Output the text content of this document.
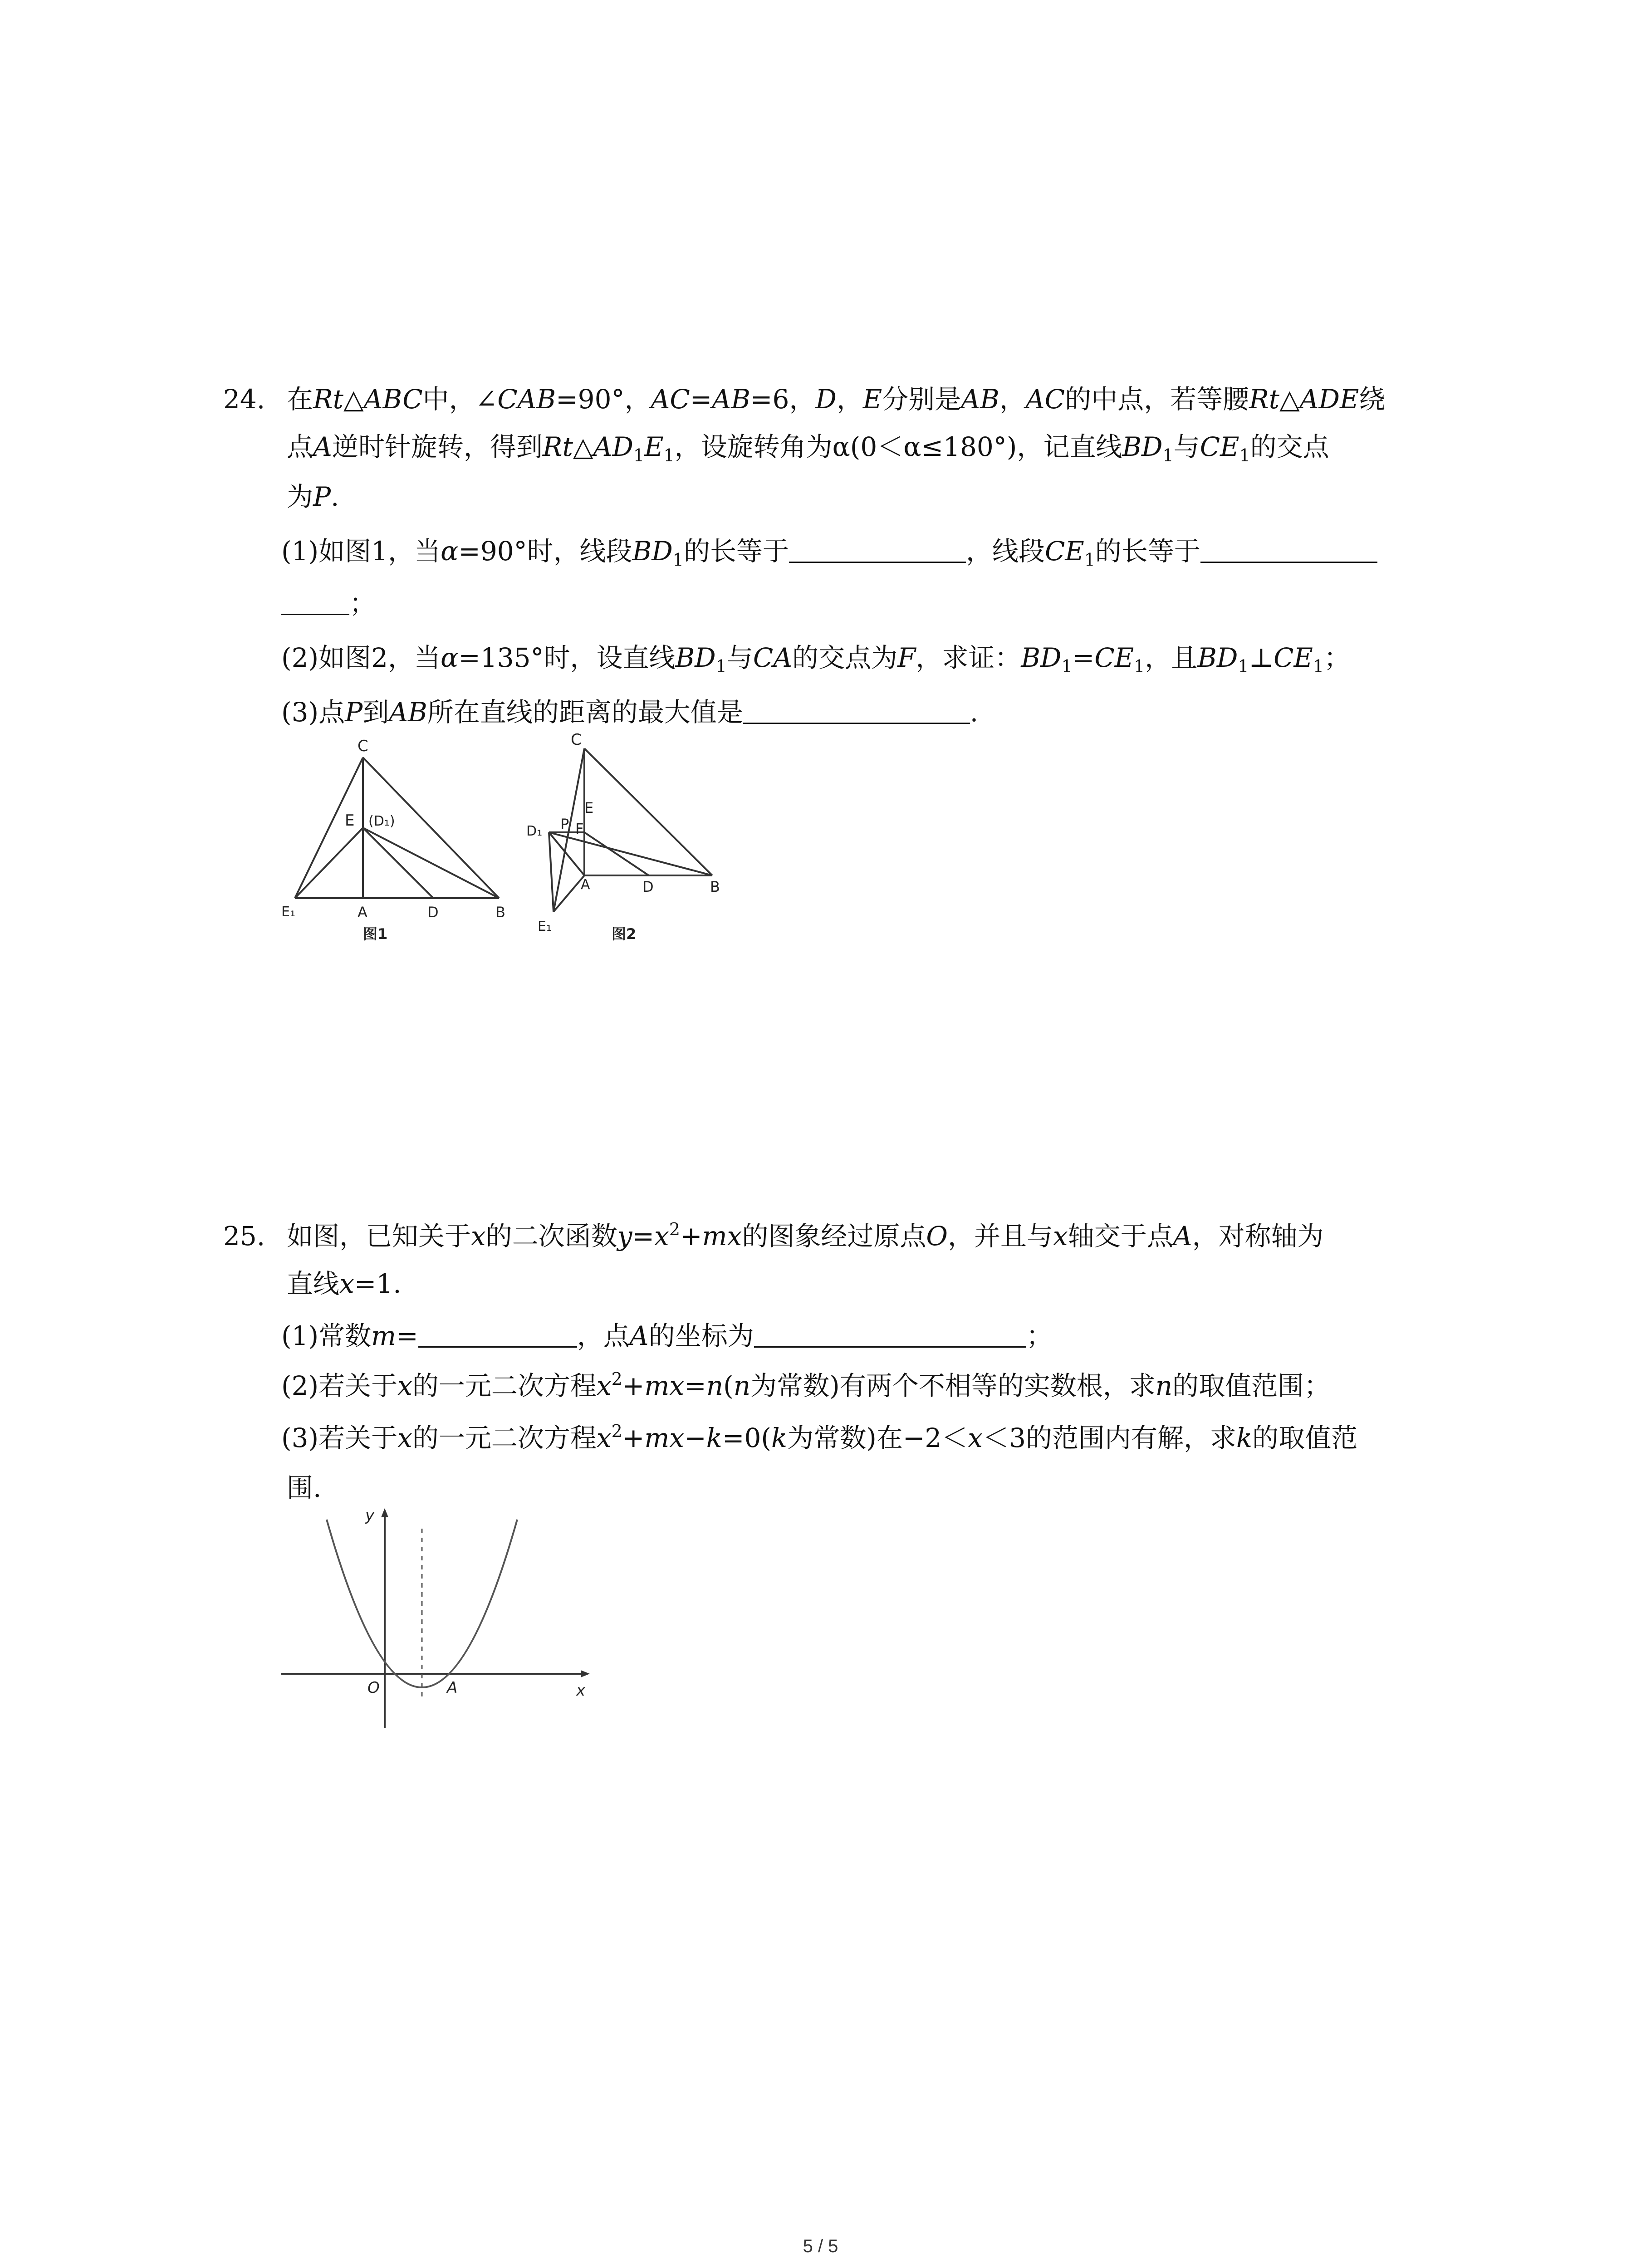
24. 在Rt△ABC中，∠CAB=90°，AC=AB=6，D，E分别是AB，AC的中点，若等腰Rt△ADE绕
点A逆时针旋转，得到$Rt\triangle AD_1E_1$，设旋转角为α(0＜α≤180°)，记直线$BD_1$与$CE_1$的交点
为P.
(1)如图1，当α=90°时，线段$BD_1$的长等于	，线段$CE_1$的长等于
；
(2)如图2，当α=135°时，设直线$BD_1$与CA的交点为F，求证：$BD_1=CE_1$，且$BD_1\perp CE_1$；
(3)点P到AB所在直线的距离的最大值是	.
C
E (D₁)
E₁	A	D	B
图1
C
D₁ P F
E
A	D	B
E₁	图2
25. 如图，已知关于x的二次函数$y=x^2+mx$的图象经过原点O，并且与x轴交于点A，对称轴为
直线x=1.
(1)常数m=	，点A的坐标为	；
(2)若关于x的一元二次方程$x^2+mx=n(n$为常数)有两个不相等的实数根，求n的取值范围；
(3)若关于x的一元二次方程$x^2+mx-k=0(k$为常数)在−2＜x＜3的范围内有解，求k的取值范
围.
y
x
O	A
5 / 5
